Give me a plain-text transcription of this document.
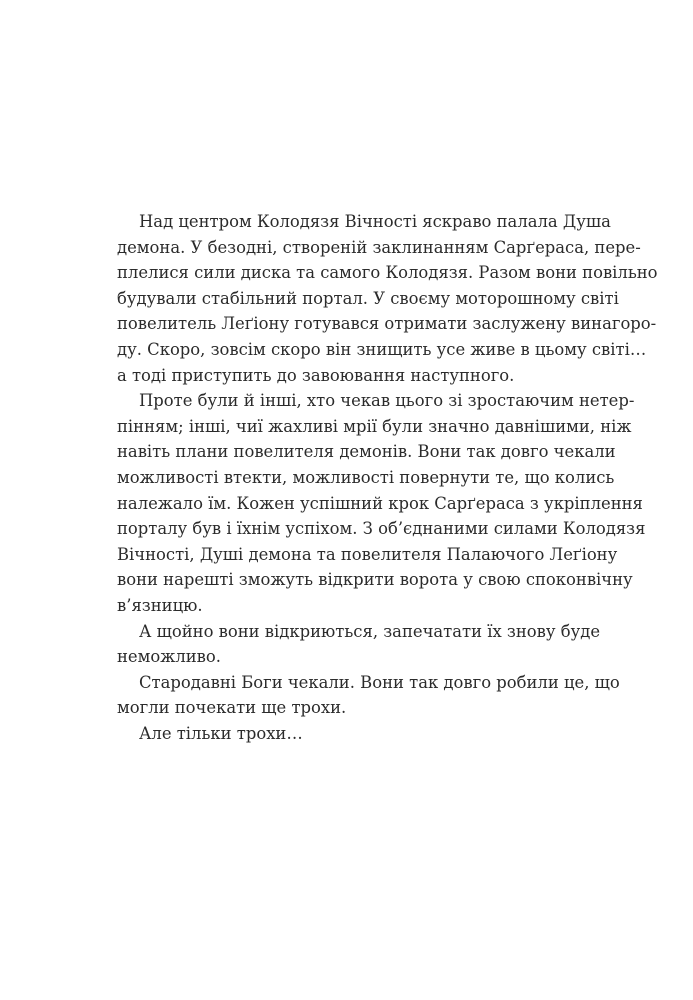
Над центром Колодязя Вічності яскраво палала Душа
демона. У безодні, створеній заклинанням Сарґераса, пере-
плелися сили диска та самого Колодязя. Разом вони повільно
будували стабільний портал. У своєму моторошному світі
повелитель Леґіону готувався отримати заслужену винагоро-
ду. Скоро, зовсім скоро він знищить усе живе в цьому світі…
а тоді приступить до завоювання наступного.
Проте були й інші, хто чекав цього зі зростаючим нетер-
пінням; інші, чиї жахливі мрії були значно давнішими, ніж
навіть плани повелителя демонів. Вони так довго чекали
можливості втекти, можливості повернути те, що колись
належало їм. Кожен успішний крок Сарґераса з укріплення
порталу був і їхнім успіхом. З об’єднаними силами Колодязя
Вічності, Душі демона та повелителя Палаючого Леґіону
вони нарешті зможуть відкрити ворота у свою споконвічну
в’язницю.
А щойно вони відкриються, запечатати їх знову буде
неможливо.
Стародавні Боги чекали. Вони так довго робили це, що
могли почекати ще трохи.
Але тільки трохи…
